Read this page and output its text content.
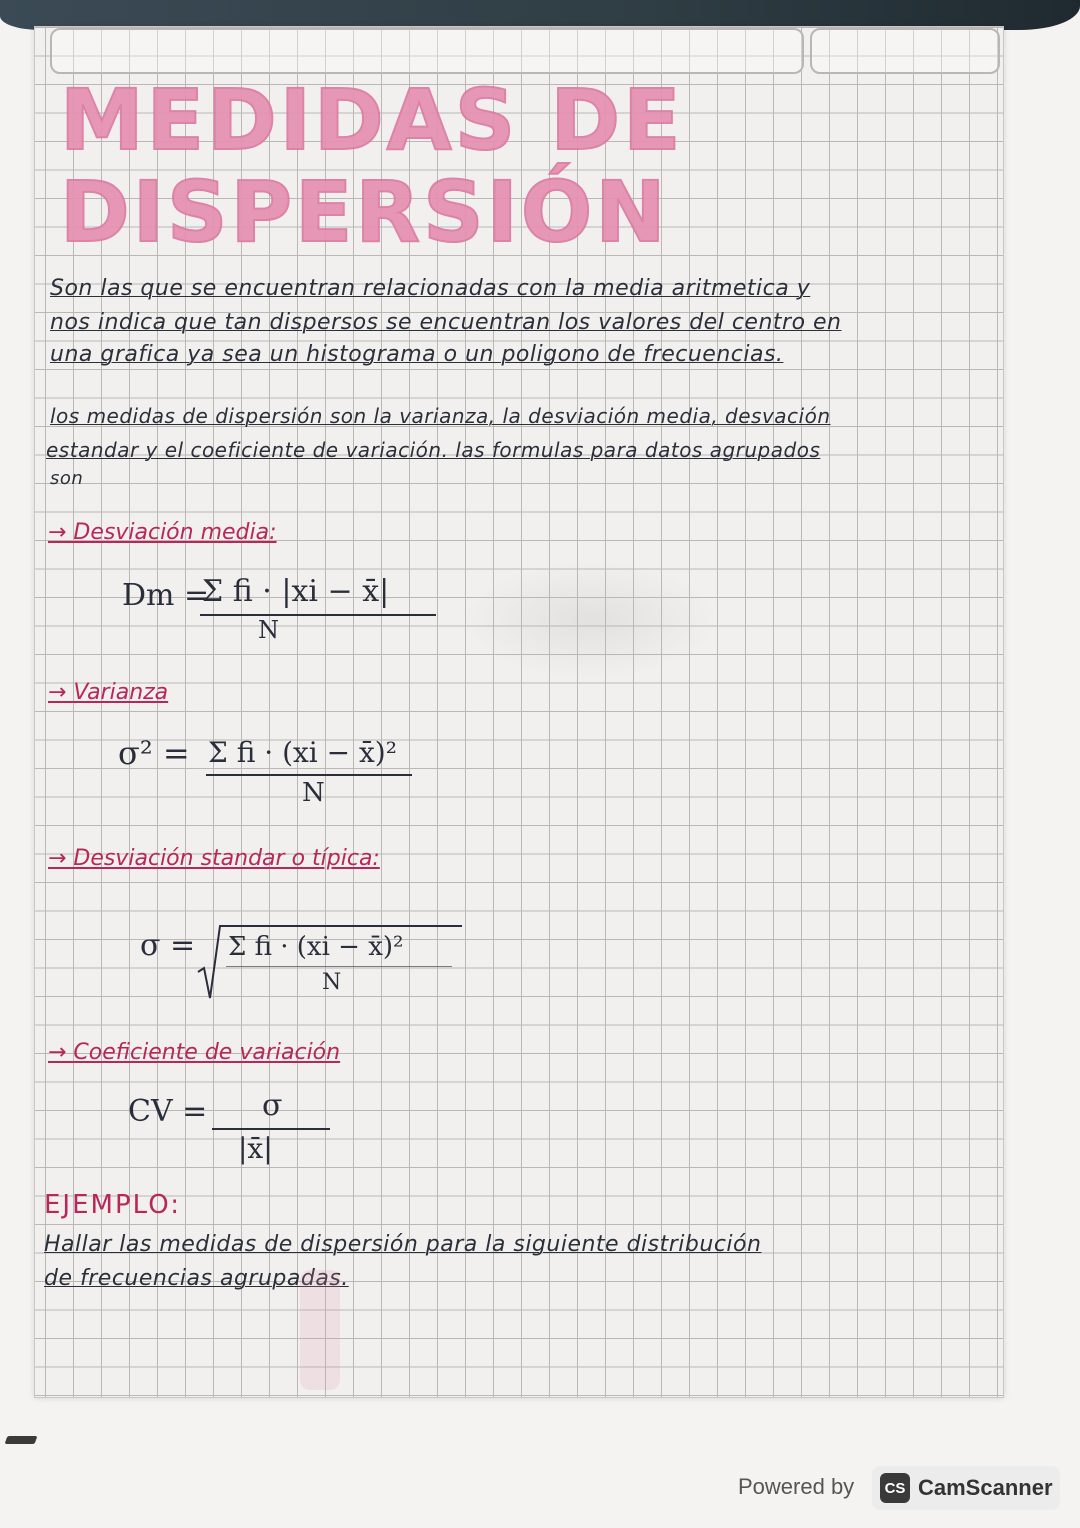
MEDIDAS DE
DISPERSIÓN
Son las que se encuentran relacionadas con la media aritmetica y
nos indica que tan dispersos se encuentran los valores del centro en
una grafica ya sea un histograma o un poligono de frecuencias.
los medidas de dispersión son la varianza, la desviación media, desvación
estandar y el coeficiente de variación. las formulas para datos agrupados
son
→ Desviación media:
Dm =
Σ fi · |xi − x̄|
N
→ Varianza
σ² = Σ fi · (xi − x̄)²
N
→ Desviación standar o típica:
σ = Σ fi · (xi − x̄)²
N
→ Coeficiente de variación
CV = σ
|x̄|
EJEMPLO:
Hallar las medidas de dispersión para la siguiente distribución
de frecuencias agrupadas.
Powered by	CS CamScanner
